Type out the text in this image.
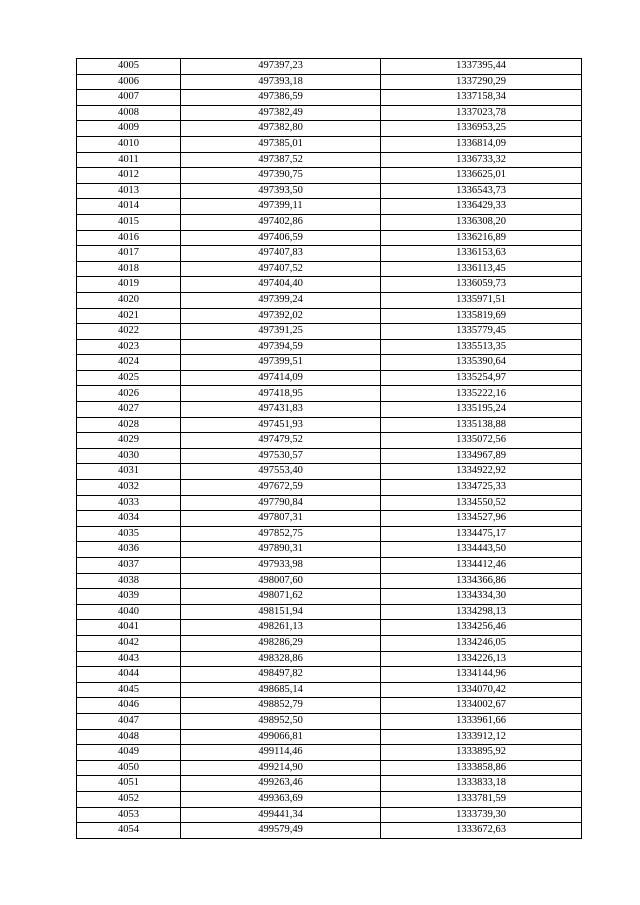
4005	497397,23	1337395,44
4006	497393,18	1337290,29
4007	497386,59	1337158,34
4008	497382,49	1337023,78
4009	497382,80	1336953,25
4010	497385,01	1336814,09
4011	497387,52	1336733,32
4012	497390,75	1336625,01
4013	497393,50	1336543,73
4014	497399,11	1336429,33
4015	497402,86	1336308,20
4016	497406,59	1336216,89
4017	497407,83	1336153,63
4018	497407,52	1336113,45
4019	497404,40	1336059,73
4020	497399,24	1335971,51
4021	497392,02	1335819,69
4022	497391,25	1335779,45
4023	497394,59	1335513,35
4024	497399,51	1335390,64
4025	497414,09	1335254,97
4026	497418,95	1335222,16
4027	497431,83	1335195,24
4028	497451,93	1335138,88
4029	497479,52	1335072,56
4030	497530,57	1334967,89
4031	497553,40	1334922,92
4032	497672,59	1334725,33
4033	497790,84	1334550,52
4034	497807,31	1334527,96
4035	497852,75	1334475,17
4036	497890,31	1334443,50
4037	497933,98	1334412,46
4038	498007,60	1334366,86
4039	498071,62	1334334,30
4040	498151,94	1334298,13
4041	498261,13	1334256,46
4042	498286,29	1334246,05
4043	498328,86	1334226,13
4044	498497,82	1334144,96
4045	498685,14	1334070,42
4046	498852,79	1334002,67
4047	498952,50	1333961,66
4048	499066,81	1333912,12
4049	499114,46	1333895,92
4050	499214,90	1333858,86
4051	499263,46	1333833,18
4052	499363,69	1333781,59
4053	499441,34	1333739,30
4054	499579,49	1333672,63
